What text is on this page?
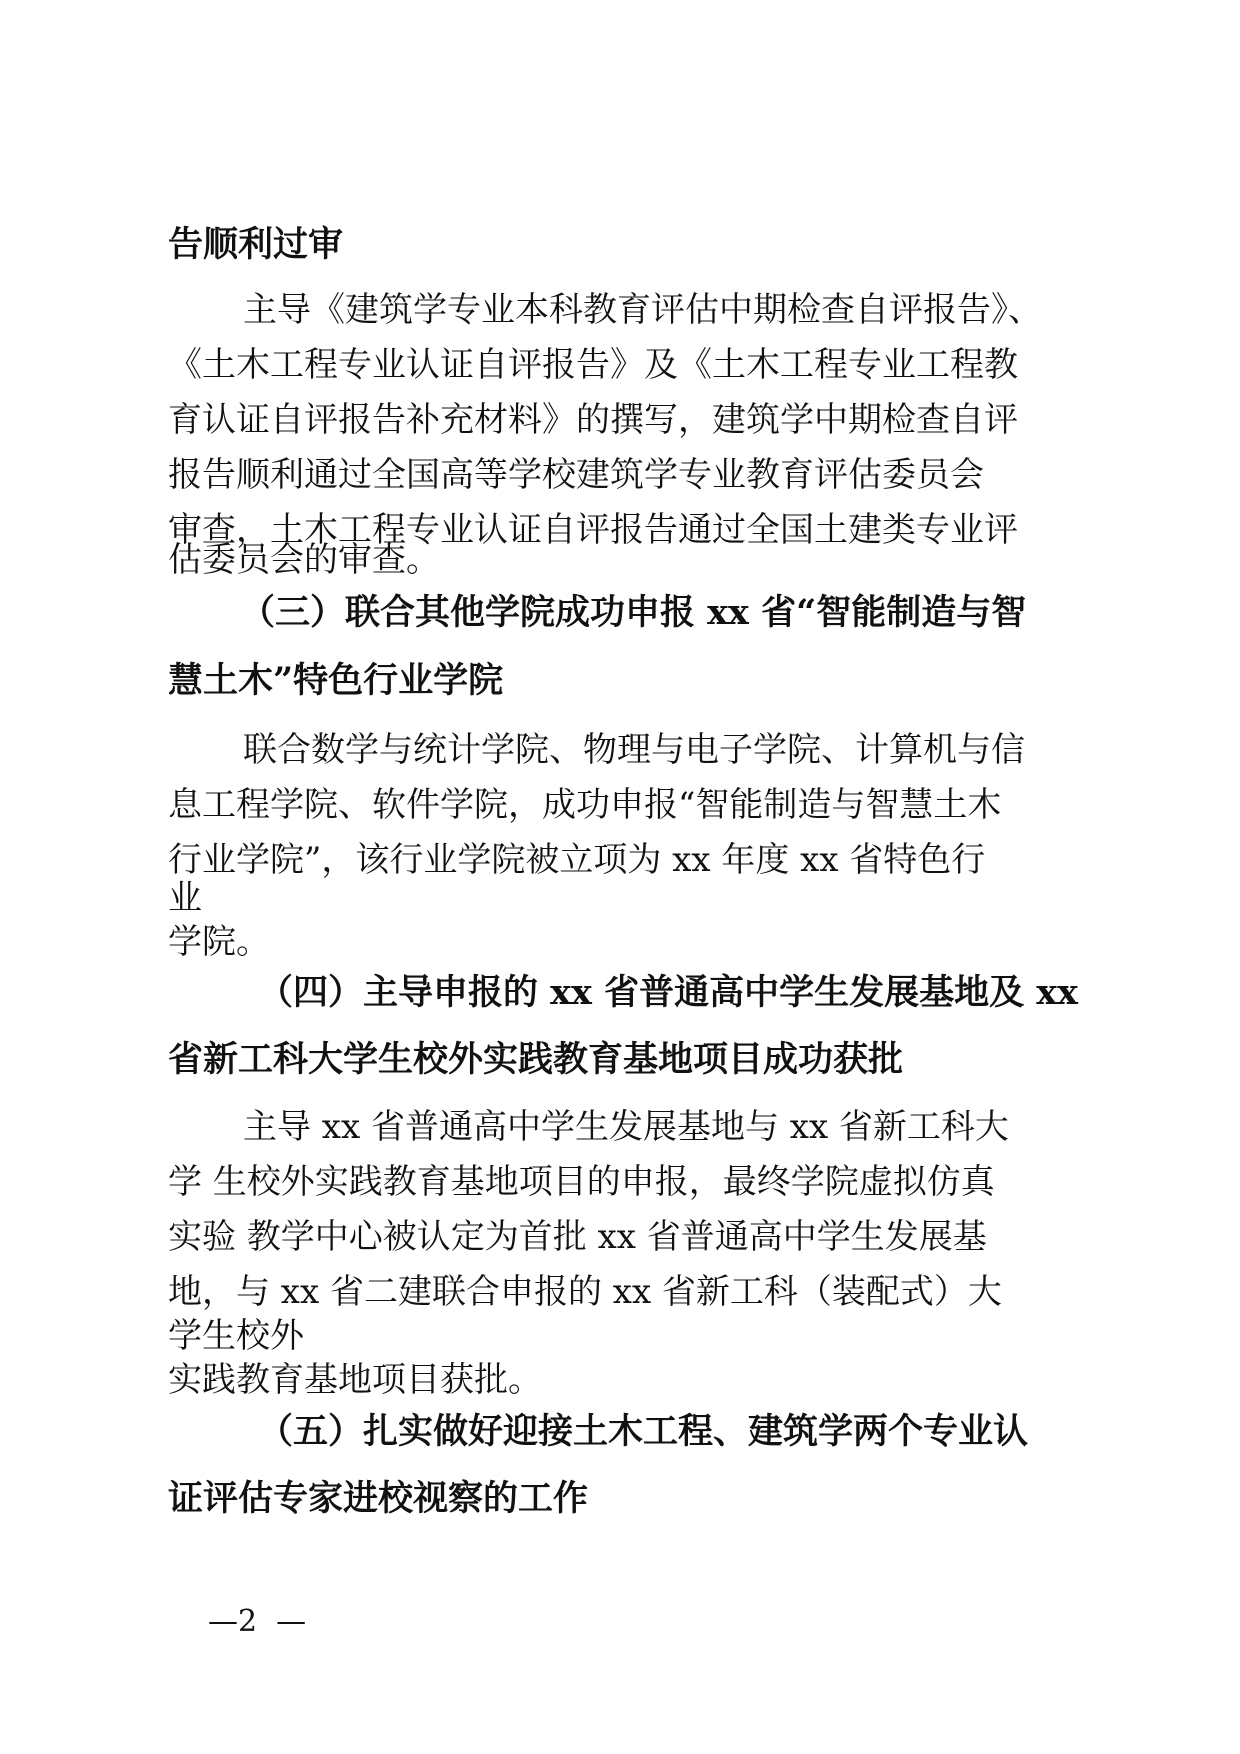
告顺利过审
主导《建筑学专业本科教育评估中期检查自评报告》、
《土木工程专业认证自评报告》及《土木工程专业工程教
育认证自评报告补充材料》的撰写，建筑学中期检查自评
报告顺利通过全国高等学校建筑学专业教育评估委员会
审查，土木工程专业认证自评报告通过全国土建类专业评
估委员会的审查。
（三）联合其他学院成功申报 xx 省“智能制造与智
慧土木”特色行业学院
联合数学与统计学院、物理与电子学院、计算机与信
息工程学院、软件学院，成功申报“智能制造与智慧土木
行业学院”，该行业学院被立项为 xx 年度 xx 省特色行
业
学院。
（四）主导申报的 xx 省普通高中学生发展基地及 xx
省新工科大学生校外实践教育基地项目成功获批
主导 xx 省普通高中学生发展基地与 xx 省新工科大
学 生校外实践教育基地项目的申报，最终学院虚拟仿真
实验 教学中心被认定为首批 xx 省普通高中学生发展基
地，与 xx 省二建联合申报的 xx 省新工科（装配式）大
学生校外
实践教育基地项目获批。
（五）扎实做好迎接土木工程、建筑学两个专业认
证评估专家进校视察的工作
—2  —
